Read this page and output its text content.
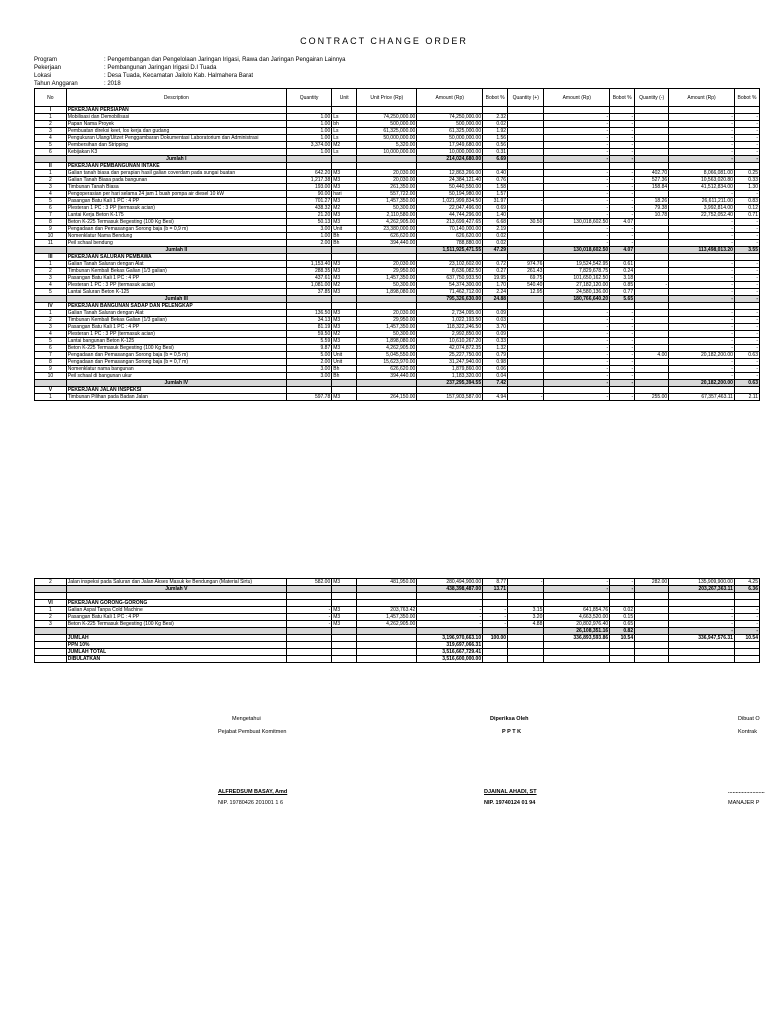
CONTRACT CHANGE ORDER
Program	: Pengembangan dan Pengelolaan Jaringan Irigasi, Rawa dan Jaringan Pengairan Lainnya
Pekerjaan	: Pembangunan Jaringan Irigasi D.I Tuada
Lokasi	: Desa Tuada, Kecamatan Jailolo Kab. Halmahera Barat
Tahun Anggaran	: 2018
No	Description	Quantity	Unit	Unit Price (Rp)	Amount (Rp)	Bobot %	Quantity (+)	Amount (Rp)	Bobot %	Quantity (-)	Amount (Rp)	Bobot %
I	PEKERJAAN PERSIAPAN											
1	Mobilisasi dan Demobilisasi	1.00	Ls	74,250,000.00	74,250,000.00	2.32		-	-		-	-
2	Papan Nama Proyek	1.00	bh	500,000.00	500,000.00	0.02		-	-		-	-
3	Pembuatan direksi keet, los kerja dan gudang	1.00	Ls	61,325,000.00	61,325,000.00	1.92		-	-		-	-
4	Pengukuran Ulang/Uitzet Penggambaran Dokumentasi Laboratorium dan Administrasi	1.00	Ls	50,000,000.00	50,000,000.00	1.56		-	-		-	-
5	Pembersihan dan Stripping	3,374.00	M2	5,320.00	17,949,680.00	0.56		-	-		-	-
6	Kebijakan K3	1.00	Ls	10,000,000.00	10,000,000.00	0.31		-	-		-	-
	Jumlah I				214,024,680.00	6.69		-	-		-	-
II	PEKERJAAN PEMBANGUNAN INTAKE											
1	Galian tanah biasa dan perapian hasil galian coverdam pada sungai buatan	642.20	M3	20,030.00	12,863,266.00	0.40		-	-	402.70	8,066,081.00	0.25
2	Galian Tanah Biasa pada bangunan	1,217.38	M3	20,030.00	24,384,121.40	0.76		-	-	527.36	10,563,020.80	0.33
3	Timbunan Tanah Biasa	193.00	M3	261,350.00	50,440,550.00	1.58		-	-	158.84	41,512,834.00	1.30
4	Pengoperasian per hari selama 24 jam 1 buah pompa air diesel 10 kW	90.00	hari	557,722.00	50,194,980.00	1.57		-	-		-	-
5	Pasangan Batu Kali 1 PC : 4 PP	701.27	M3	1,457,350.00	1,021,999,834.50	31.97	-	-	-	18.26	26,611,211.00	0.83
6	Plesteran 1 PC : 3 PP (termasuk acian)	438.32	M2	50,300.00	22,047,496.00	0.69		-	-	79.38	3,992,814.00	0.12
7	Lantai Kerja Beton K-175	21.20	M3	2,110,580.00	44,744,296.00	1.40		-	-	10.78	22,752,052.40	0.71
8	Beton K-225 Termasuk Begesting (100 Kg Besi)	50.13	M3	4,262,905.00	213,699,427.65	6.68	30.50	130,018,602.50	4.07		-	-
9	Pengadaan dan Pemasangan Sorong baja (b = 0,9 m)	3.00	Unit	23,380,000.00	70,140,000.00	2.19		-	-		-	-
10	Nomenklatur Nama Bendung	1.00	Bh	626,620.00	626,620.00	0.02		-	-		-	-
11	Peil schaal bendung	2.00	Bh	394,440.00	788,880.00	0.02		-	-		-	-
	Jumlah II				1,511,925,471.55	47.29		130,018,602.50	4.07		113,498,013.20	3.55
III	PEKERJAAN SALURAN PEMBAWA											
1	Galian Tanah Saluran dengan Alat	1,153.40	M3	20,030.00	23,102,602.00	0.72	974.76	19,524,542.95	0.61		-	-
2	Timbunan Kembali Bekas Galian (1/3 galian)	288.35	M3	29,950.00	8,636,082.50	0.27	261.43	7,829,678.75	0.24		-	-
3	Pasangan Batu Kali 1 PC : 4 PP	437.61	M3	1,457,350.00	637,750,933.50	19.95	69.75	101,650,162.50	3.18		-	-
4	Plesteran 1 PC : 3 PP (termasuk acian)	1,081.00	M2	50,300.00	54,374,300.00	1.70	540.40	27,182,120.00	0.85	-	-	-
5	Lantai Saluran Beton K-125	37.85	M3	1,898,080.00	71,462,712.00	2.24	12.95	24,580,136.00	0.77		-	-
	Jumlah III				795,326,630.00	24.88		180,766,640.20	5.65		-	-
IV	PEKERJAAN BANGUNAN SADAP DAN PELENGKAP											
1	Galian Tanah Saluran dengan Alat	136.50	M3	20,030.00	2,734,095.00	0.09		-	-		-	-
2	Timbunan Kembali Bekas Galian (1/3 galian)	34.13	M3	29,950.00	1,022,193.50	0.03		-	-		-	-
3	Pasangan Batu Kali 1 PC : 4 PP	81.19	M3	1,457,350.00	118,322,246.50	3.70		-	-		-	-
4	Plesteran 1 PC : 3 PP (termasuk acian)	59.50	M2	50,300.00	2,992,850.00	0.09		-	-		-	-
5	Lantai bangunan Beton K-125	5.59	M3	1,898,080.00	10,610,267.20	0.33		-	-		-	-
6	Beton K-225 Termasuk Begesting (100 Kg Besi)	9.87	M3	4,262,905.00	42,074,872.35	1.32		-	-		-	-
7	Pengadaan dan Pemasangan Sorong baja (b = 0,5 m)	5.00	Unit	5,045,550.00	25,227,750.00	0.79		-	-	4.00	20,182,200.00	0.63
8	Pengadaan dan Pemasangan Sorong baja (b = 0,7 m)	2.00	Unit	15,623,970.00	31,247,940.00	0.98		-	-		-	-
9	Nomenklatur nama bangunan	3.00	Bh	626,620.00	1,879,860.00	0.06		-	-		-	-
10	Peil schaal di bangunan ukur	3.00	Bh	394,440.00	1,183,320.00	0.04		-	-		-	-
	Jumlah IV				237,295,394.55	7.42		-	-		20,182,200.00	0.63
V	PEKERJAAN JALAN INSPEKSI											
1	Timbunan Pilihan pada Badan Jalan	597.78	M3	264,150.00	157,903,587.00	4.94	-	-	-	255.00	67,357,463.11	2.11
2	Jalan inspeksi pada Saluran dan Jalan Akses Masuk ke Bendungan (Material Sirtu)	582.00	M3	481,950.00	280,494,900.00	8.77	-	-	-	282.00	135,909,900.00	4.25
	Jumlah V				438,398,487.00	13.71		-	-		203,267,363.11	6.36

VI	PEKERJAAN GORONG-GORONG											
1	Galian Aspal Tanpa Cold Machine	-	M3	203,763.42	-	-	3.15	641,854.76	0.02		-	-
2	Pasangan Batu Kali 1 PC : 4 PP	-	M3	1,457,350.00	-	-	3.20	4,663,520.00	0.15		-	-
3	Beton K-225 Termasuk Begesting (100 Kg Besi)	-	M3	4,262,905.00	-	-	4.88	20,802,976.40	0.65		-	-
								26,108,351.16	0.82		-	-
	JUMLAH				3,196,970,663.10	100.00		336,893,593.86	10.54		336,947,576.31	10.54
	PPN 10%				319,697,066.31							
	JUMLAH TOTAL				3,516,667,729.41							
	DIBULATKAN				3,516,600,000.00							
Mengetahui
Pejabat Pembuat Komitmen
ALFREDSUM BASAY, Amd
NIP. 19780426 201001 1 6
Diperiksa Oleh
P P T K
DJAINAL AHADI, ST
NIP. 19740124 01 94
Dibuat O
Kontrak
........................
MANAJER P
